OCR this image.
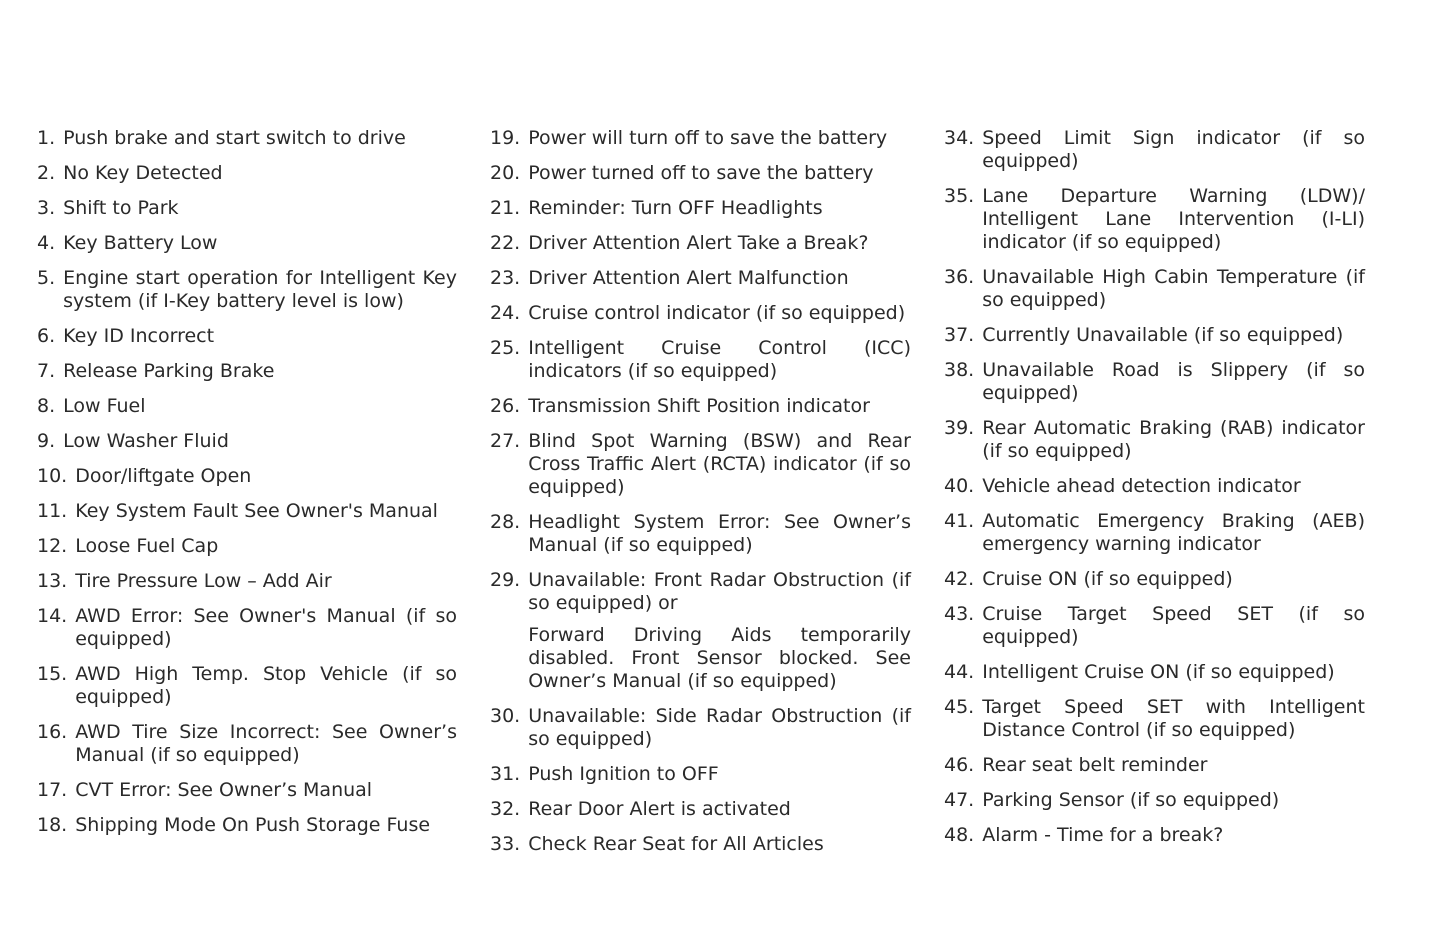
1. Push brake and start switch to drive
2. No Key Detected
3. Shift to Park
4. Key Battery Low
5. Engine start operation for Intelligent Key system (if I-Key battery level is low)
6. Key ID Incorrect
7. Release Parking Brake
8. Low Fuel
9. Low Washer Fluid
10. Door/liftgate Open
11. Key System Fault See Owner's Manual
12. Loose Fuel Cap
13. Tire Pressure Low – Add Air
14. AWD Error: See Owner's Manual (if so equipped)
15. AWD High Temp. Stop Vehicle (if so equipped)
16. AWD Tire Size Incorrect: See Owner’s Manual (if so equipped)
17. CVT Error: See Owner’s Manual
18. Shipping Mode On Push Storage Fuse
19. Power will turn off to save the battery
20. Power turned off to save the battery
21. Reminder: Turn OFF Headlights
22. Driver Attention Alert Take a Break?
23. Driver Attention Alert Malfunction
24. Cruise control indicator (if so equipped)
25. Intelligent Cruise Control (ICC) indicators (if so equipped)
26. Transmission Shift Position indicator
27. Blind Spot Warning (BSW) and Rear Cross Traffic Alert (RCTA) indicator (if so equipped)
28. Headlight System Error: See Owner’s Manual (if so equipped)
29. Unavailable: Front Radar Obstruction (if so equipped) or
Forward Driving Aids temporarily disabled. Front Sensor blocked. See Owner’s Manual (if so equipped)
30. Unavailable: Side Radar Obstruction (if so equipped)
31. Push Ignition to OFF
32. Rear Door Alert is activated
33. Check Rear Seat for All Articles
34. Speed Limit Sign indicator (if so equipped)
35. Lane Departure Warning (LDW)/ Intelligent Lane Intervention (I-LI) indicator (if so equipped)
36. Unavailable High Cabin Temperature (if so equipped)
37. Currently Unavailable (if so equipped)
38. Unavailable Road is Slippery (if so equipped)
39. Rear Automatic Braking (RAB) indicator (if so equipped)
40. Vehicle ahead detection indicator
41. Automatic Emergency Braking (AEB) emergency warning indicator
42. Cruise ON (if so equipped)
43. Cruise Target Speed SET (if so equipped)
44. Intelligent Cruise ON (if so equipped)
45. Target Speed SET with Intelligent Distance Control (if so equipped)
46. Rear seat belt reminder
47. Parking Sensor (if so equipped)
48. Alarm - Time for a break?
